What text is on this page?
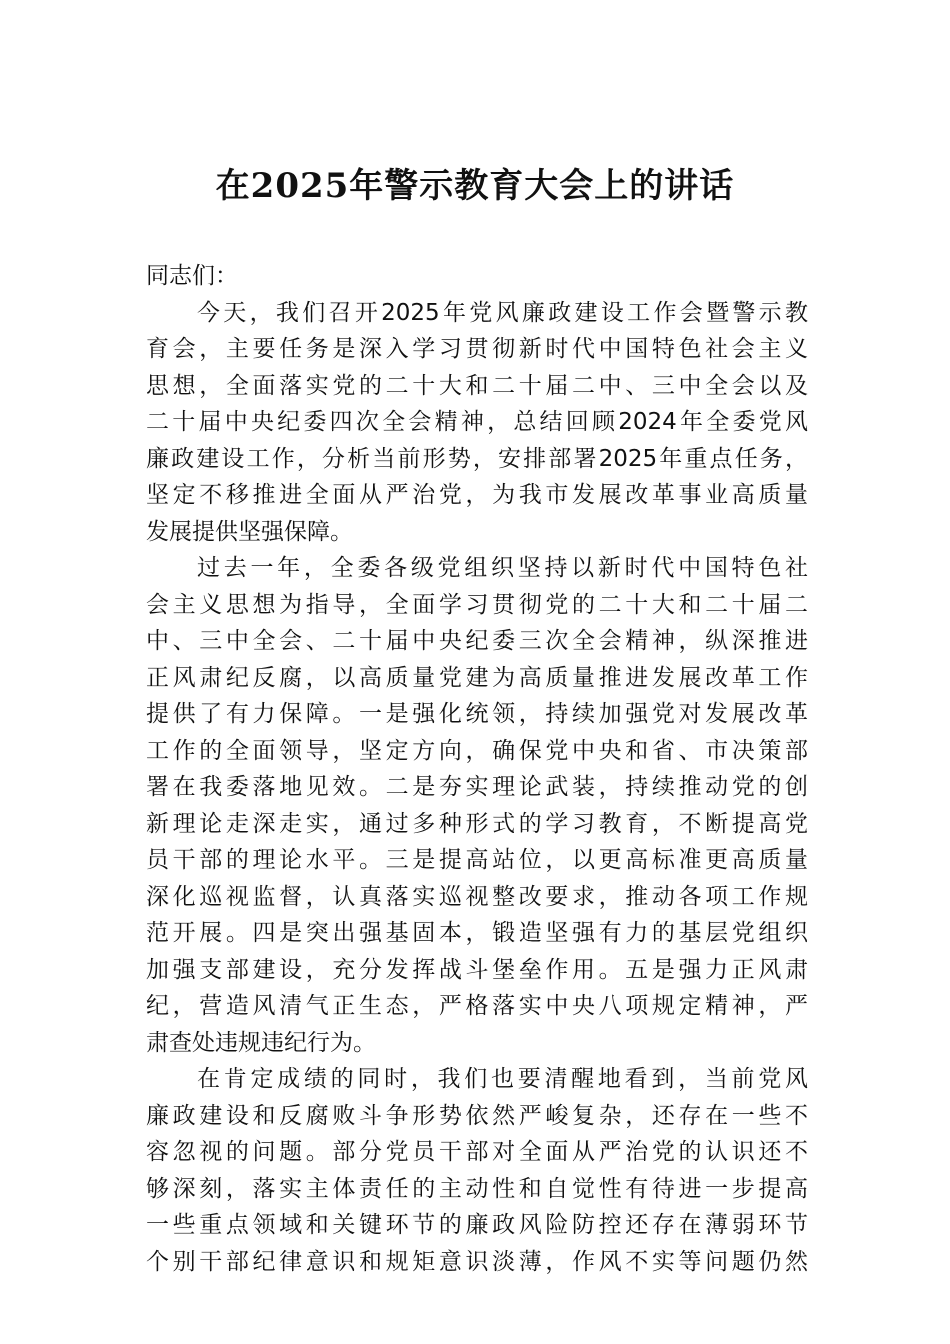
在2025年警示教育大会上的讲话
同志们：
今天，我们召开2025年党风廉政建设工作会暨警示教
育会，主要任务是深入学习贯彻新时代中国特色社会主义
思想，全面落实党的二十大和二十届二中、三中全会以及
二十届中央纪委四次全会精神，总结回顾2024年全委党风
廉政建设工作，分析当前形势，安排部署2025年重点任务，
坚定不移推进全面从严治党，为我市发展改革事业高质量
发展提供坚强保障。
过去一年，全委各级党组织坚持以新时代中国特色社
会主义思想为指导，全面学习贯彻党的二十大和二十届二
中、三中全会、二十届中央纪委三次全会精神，纵深推进
正风肃纪反腐，以高质量党建为高质量推进发展改革工作
提供了有力保障。一是强化统领，持续加强党对发展改革
工作的全面领导，坚定方向，确保党中央和省、市决策部
署在我委落地见效。二是夯实理论武装，持续推动党的创
新理论走深走实，通过多种形式的学习教育，不断提高党
员干部的理论水平。三是提高站位，以更高标准更高质量
深化巡视监督，认真落实巡视整改要求，推动各项工作规
范开展。四是突出强基固本，锻造坚强有力的基层党组织
加强支部建设，充分发挥战斗堡垒作用。五是强力正风肃
纪，营造风清气正生态，严格落实中央八项规定精神，严
肃查处违规违纪行为。
在肯定成绩的同时，我们也要清醒地看到，当前党风
廉政建设和反腐败斗争形势依然严峻复杂，还存在一些不
容忽视的问题。部分党员干部对全面从严治党的认识还不
够深刻，落实主体责任的主动性和自觉性有待进一步提高
一些重点领域和关键环节的廉政风险防控还存在薄弱环节
个别干部纪律意识和规矩意识淡薄，作风不实等问题仍然
